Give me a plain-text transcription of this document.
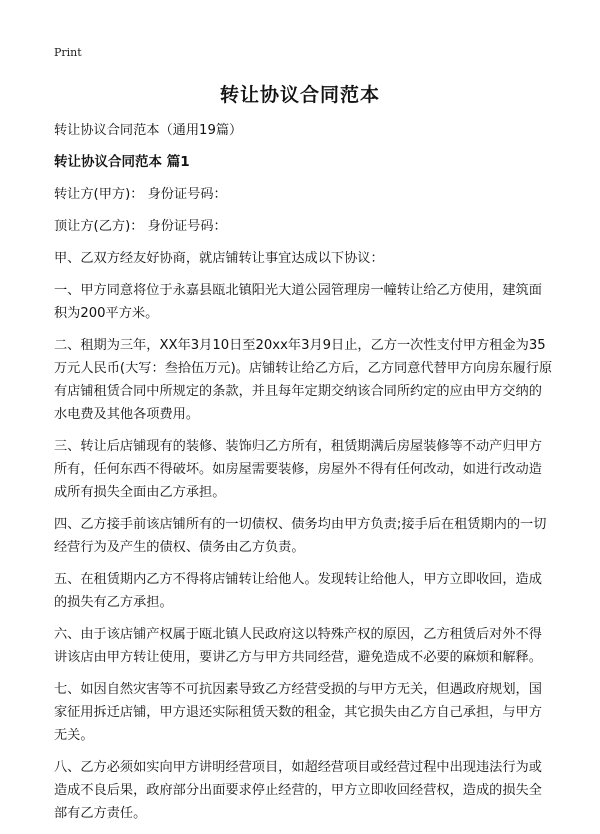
Print
转让协议合同范本

转让协议合同范本（通用19篇）

转让协议合同范本 篇1

转让方(甲方)： 身份证号码：

顶让方(乙方)： 身份证号码：

甲、乙双方经友好协商，就店铺转让事宜达成以下协议：

一、甲方同意将位于永嘉县瓯北镇阳光大道公园管理房一幢转让给乙方使用，建筑面积为200平方米。

二、租期为三年，XX年3月10日至20xx年3月9日止，乙方一次性支付甲方租金为35万元人民币(大写：叁拾伍万元)。店铺转让给乙方后，乙方同意代替甲方向房东履行原有店铺租赁合同中所规定的条款，并且每年定期交纳该合同所约定的应由甲方交纳的水电费及其他各项费用。

三、转让后店铺现有的装修、装饰归乙方所有，租赁期满后房屋装修等不动产归甲方所有，任何东西不得破坏。如房屋需要装修，房屋外不得有任何改动，如进行改动造成所有损失全面由乙方承担。

四、乙方接手前该店铺所有的一切债权、债务均由甲方负责;接手后在租赁期内的一切经营行为及产生的债权、债务由乙方负责。

五、在租赁期内乙方不得将店铺转让给他人。发现转让给他人，甲方立即收回，造成的损失有乙方承担。

六、由于该店铺产权属于瓯北镇人民政府这以特殊产权的原因，乙方租赁后对外不得讲该店由甲方转让使用，要讲乙方与甲方共同经营，避免造成不必要的麻烦和解释。

七、如因自然灾害等不可抗因素导致乙方经营受损的与甲方无关，但遇政府规划，国家征用拆迁店铺，甲方退还实际租赁天数的租金，其它损失由乙方自己承担，与甲方无关。

八、乙方必须如实向甲方讲明经营项目，如超经营项目或经营过程中出现违法行为或造成不良后果，政府部分出面要求停止经营的，甲方立即收回经营权，造成的损失全部有乙方责任。
